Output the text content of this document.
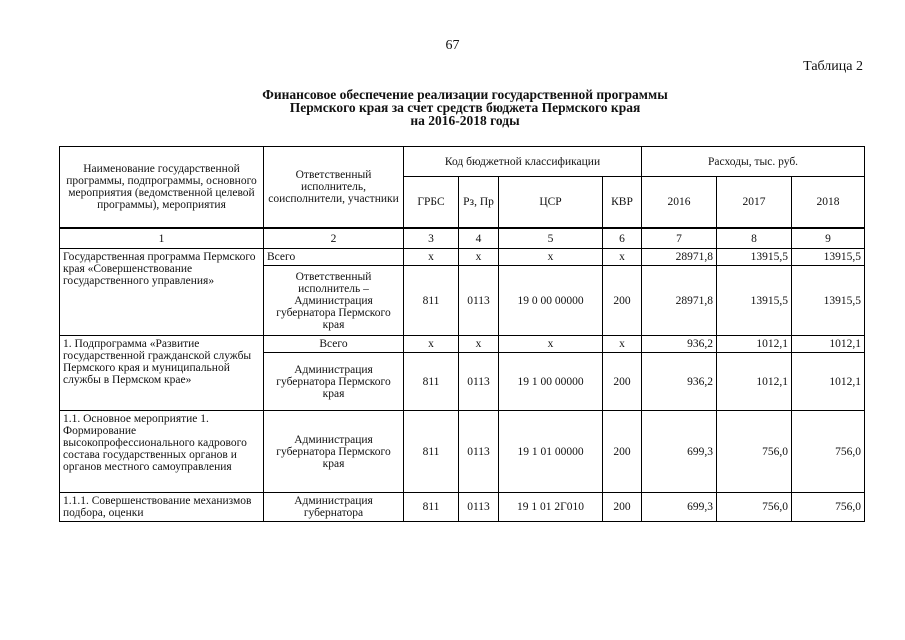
67
Таблица 2
Финансовое обеспечение реализации государственной программы
Пермского края за счет средств бюджета Пермского края
на 2016-2018 годы
Наименование государственной программы, подпрограммы, основного мероприятия (ведомственной целевой программы), мероприятия	Ответственный исполнитель, соисполнители, участники	Код бюджетной классификации				Расходы, тыс. руб.		
		ГРБС	Рз, Пр	ЦСР	КВР	2016	2017	2018
1	2	3	4	5	6	7	8	9
Государственная программа Пермского края «Совершенствование государственного управления»	Всего	х	х	х	х	28971,8	13915,5	13915,5
	Ответственный исполнитель – Администрация губернатора Пермского края	811	0113	19 0 00 00000	200	28971,8	13915,5	13915,5
1. Подпрограмма «Развитие государственной гражданской службы Пермского края и муниципальной службы в Пермском крае»	Всего	х	х	х	х	936,2	1012,1	1012,1
	Администрация губернатора Пермского края	811	0113	19 1 00 00000	200	936,2	1012,1	1012,1
1.1. Основное мероприятие 1. Формирование высокопрофессионального кадрового состава государственных органов и органов местного самоуправления	Администрация губернатора Пермского края	811	0113	19 1 01 00000	200	699,3	756,0	756,0
1.1.1. Совершенствование механизмов подбора, оценки	Администрация губернатора	811	0113	19 1 01 2Г010	200	699,3	756,0	756,0
